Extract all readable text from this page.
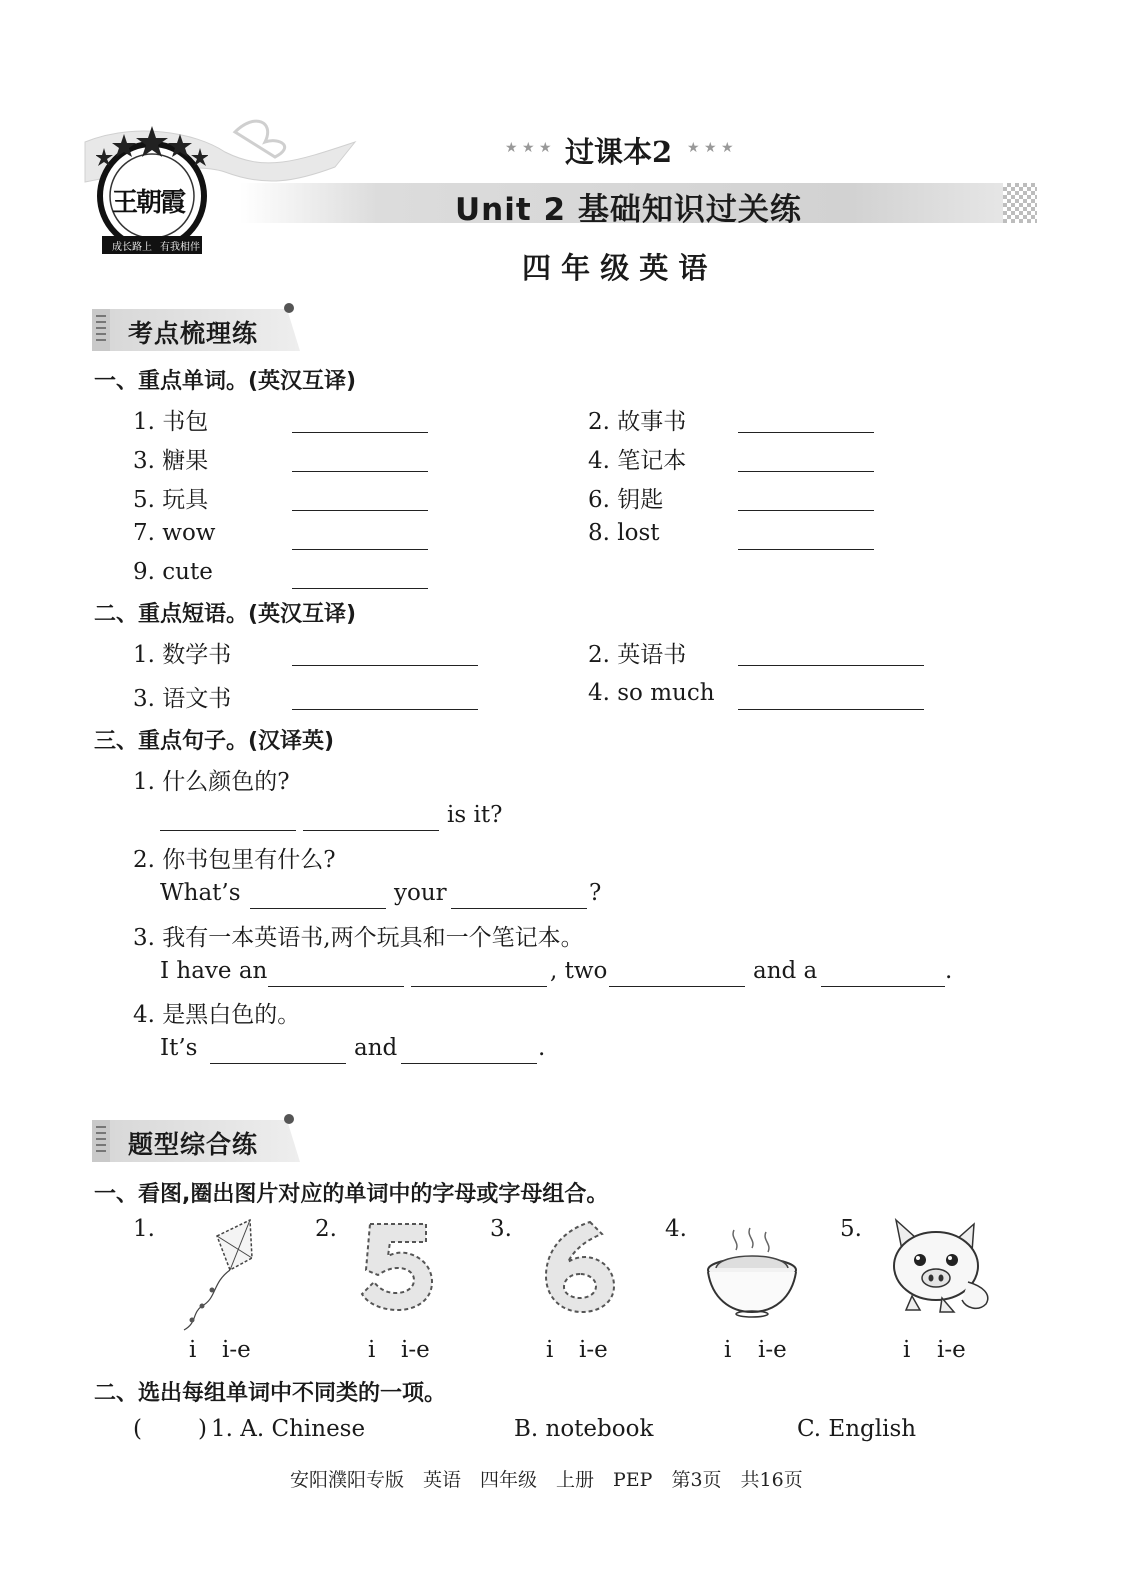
王朝霞
成长路上 有我相伴
★ ★ ★ 过课本2 ★ ★ ★
Unit 2 基础知识过关练
四 年 级 英 语
考点梳理练
一、重点单词。(英汉互译)
1. 书包	2. 故事书
3. 糖果	4. 笔记本
5. 玩具	6. 钥匙
7. wow	8. lost
9. cute
二、重点短语。(英汉互译)
1. 数学书	2. 英语书
3. 语文书	4. so much
三、重点句子。(汉译英)
1. 什么颜色的?
is it?
2. 你书包里有什么?
What’s	your	?
3. 我有一本英语书,两个玩具和一个笔记本。
I have an	, two	and a	.
4. 是黑白色的。
It’s	and	.
题型综合练
一、看图,圈出图片对应的单词中的字母或字母组合。
1.
i i-e
2.
i i-e
3.
i i-e
4.
i i-e
5.
i i-e
二、选出每组单词中不同类的一项。
( ) 1. A. Chinese	B. notebook	C. English
安阳濮阳专版　英语　四年级　上册　PEP　第3页　共16页
